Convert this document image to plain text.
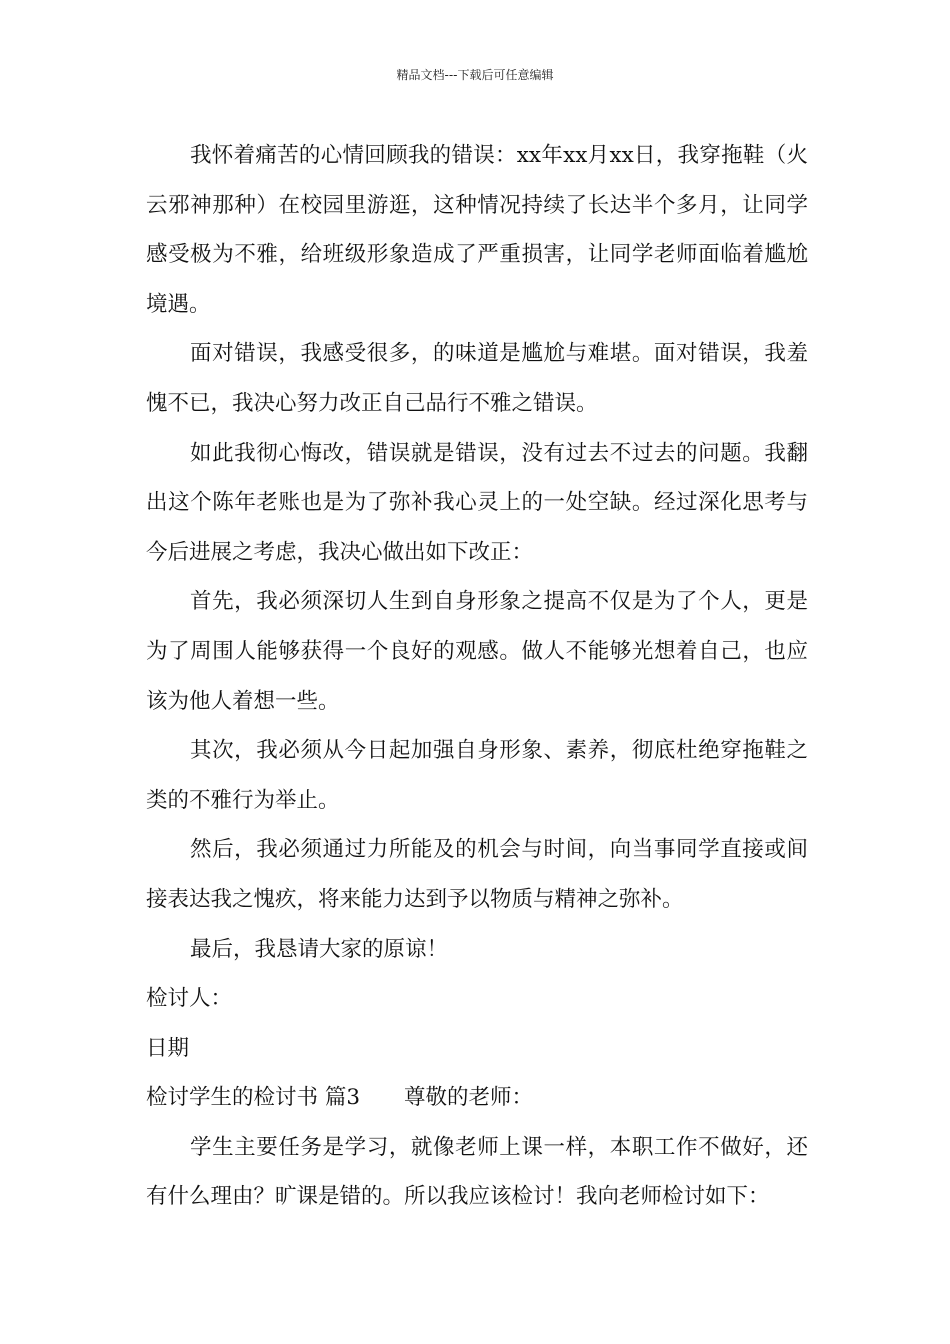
精品文档---下载后可任意编辑

我怀着痛苦的心情回顾我的错误：xx年xx月xx日，我穿拖鞋（火云邪神那种）在校园里游逛，这种情况持续了长达半个多月，让同学感受极为不雅，给班级形象造成了严重损害，让同学老师面临着尴尬境遇。

面对错误，我感受很多，的味道是尴尬与难堪。面对错误，我羞愧不已，我决心努力改正自己品行不雅之错误。

如此我彻心悔改，错误就是错误，没有过去不过去的问题。我翻出这个陈年老账也是为了弥补我心灵上的一处空缺。经过深化思考与今后进展之考虑，我决心做出如下改正：

首先，我必须深切人生到自身形象之提高不仅是为了个人，更是为了周围人能够获得一个良好的观感。做人不能够光想着自己，也应该为他人着想一些。

其次，我必须从今日起加强自身形象、素养，彻底杜绝穿拖鞋之类的不雅行为举止。

然后，我必须通过力所能及的机会与时间，向当事同学直接或间接表达我之愧疚，将来能力达到予以物质与精神之弥补。

最后，我恳请大家的原谅！

检讨人：

日期

检讨学生的检讨书 篇3 尊敬的老师：

学生主要任务是学习，就像老师上课一样，本职工作不做好，还有什么理由？旷课是错的。所以我应该检讨！我向老师检讨如下：
